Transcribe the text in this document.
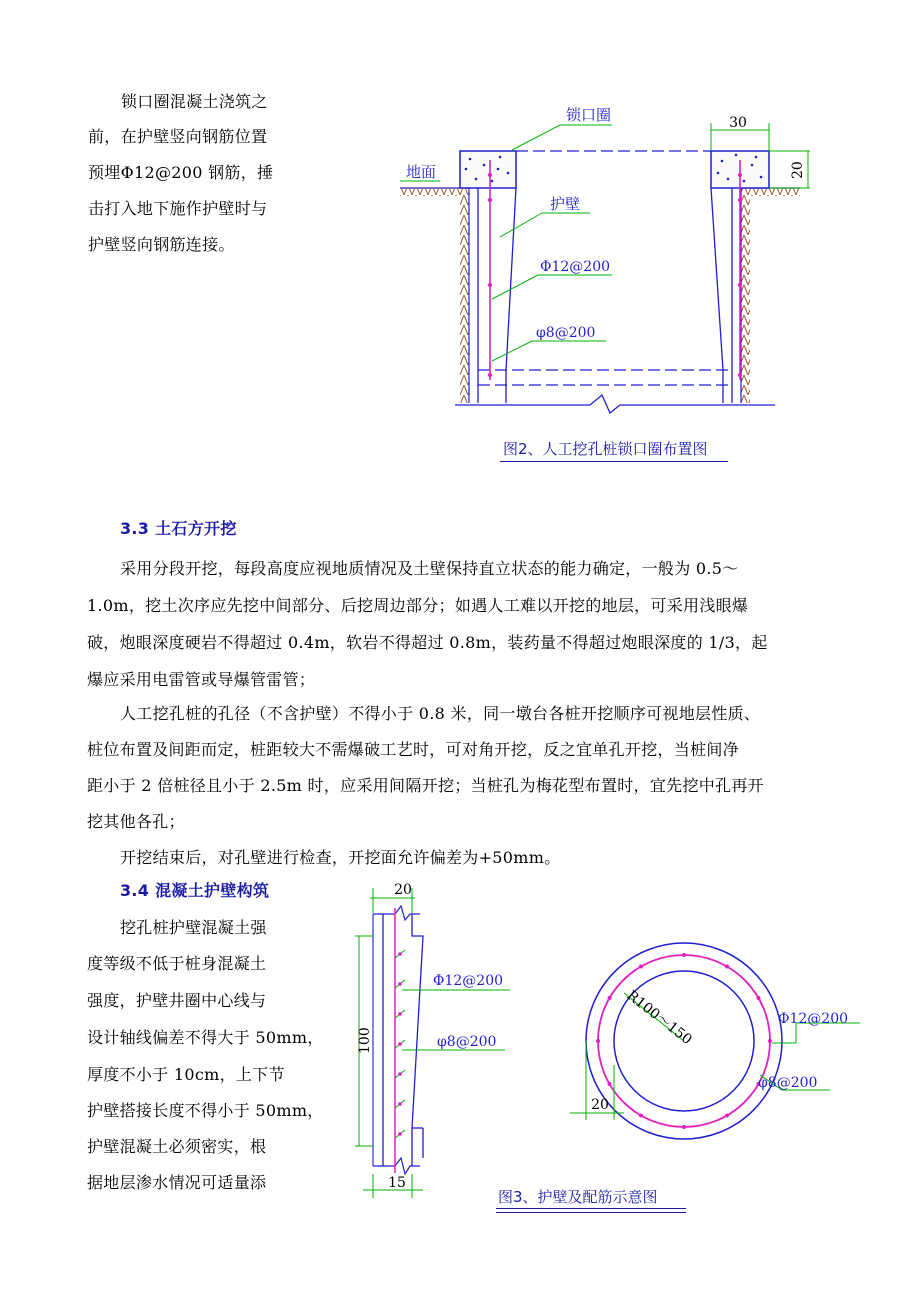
锁口圈混凝土浇筑之
前，在护壁竖向钢筋位置
预埋Φ12@200 钢筋，捶
击打入地下施作护壁时与
护壁竖向钢筋连接。
30
20
锁口圈
地面
护壁
Φ12@200
φ8@200
图2、人工挖孔桩锁口圈布置图
3.3 土石方开挖
采用分段开挖，每段高度应视地质情况及土壁保持直立状态的能力确定，一般为 0.5～
1.0m，挖土次序应先挖中间部分、后挖周边部分；如遇人工难以开挖的地层，可采用浅眼爆
破，炮眼深度硬岩不得超过 0.4m，软岩不得超过 0.8m，装药量不得超过炮眼深度的 1/3，起
爆应采用电雷管或导爆管雷管；
人工挖孔桩的孔径（不含护壁）不得小于 0.8 米，同一墩台各桩开挖顺序可视地层性质、
桩位布置及间距而定，桩距较大不需爆破工艺时，可对角开挖，反之宜单孔开挖，当桩间净
距小于 2 倍桩径且小于 2.5m 时，应采用间隔开挖；当桩孔为梅花型布置时，宜先挖中孔再开
挖其他各孔；
开挖结束后，对孔壁进行检查，开挖面允许偏差为+50mm。
3.4 混凝土护壁构筑
挖孔桩护壁混凝土强
度等级不低于桩身混凝土
强度，护壁井圈中心线与
设计轴线偏差不得大于 50mm，
厚度不小于 10cm，上下节
护壁搭接长度不得小于 50mm，
护壁混凝土必须密实，根
据地层渗水情况可适量添
20
100
Φ12@200
φ8@200
15
R100～150	Φ12@200
φ8@200
20
图3、护壁及配筋示意图
